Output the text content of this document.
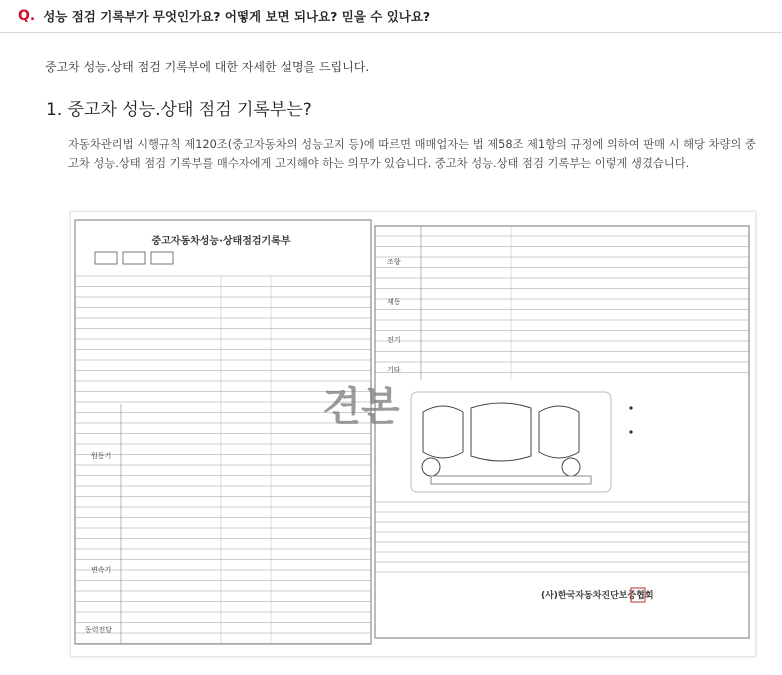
Q. 성능 점검 기록부가 무엇인가요? 어떻게 보면 되나요? 믿을 수 있나요?
중고차 성능.상태 점검 기록부에 대한 자세한 설명을 드립니다.
1. 중고차 성능.상태 점검 기록부는?
자동차관리법 시행규칙 제120조(중고자동차의 성능고지 등)에 따르면 매매업자는 법 제58조 제1항의 규정에 의하여 판매 시 해당 차량의 중고차 성능.상태 점검 기록부를 매수자에게 고지해야 하는 의무가 있습니다. 중고차 성능.상태 점검 기록부는 이렇게 생겼습니다.
중고자동차성능·상태점검기록부
원동기
변속기
동력전달
조향
제동
전기
기타
견본
(사)한국자동차진단보증협회
